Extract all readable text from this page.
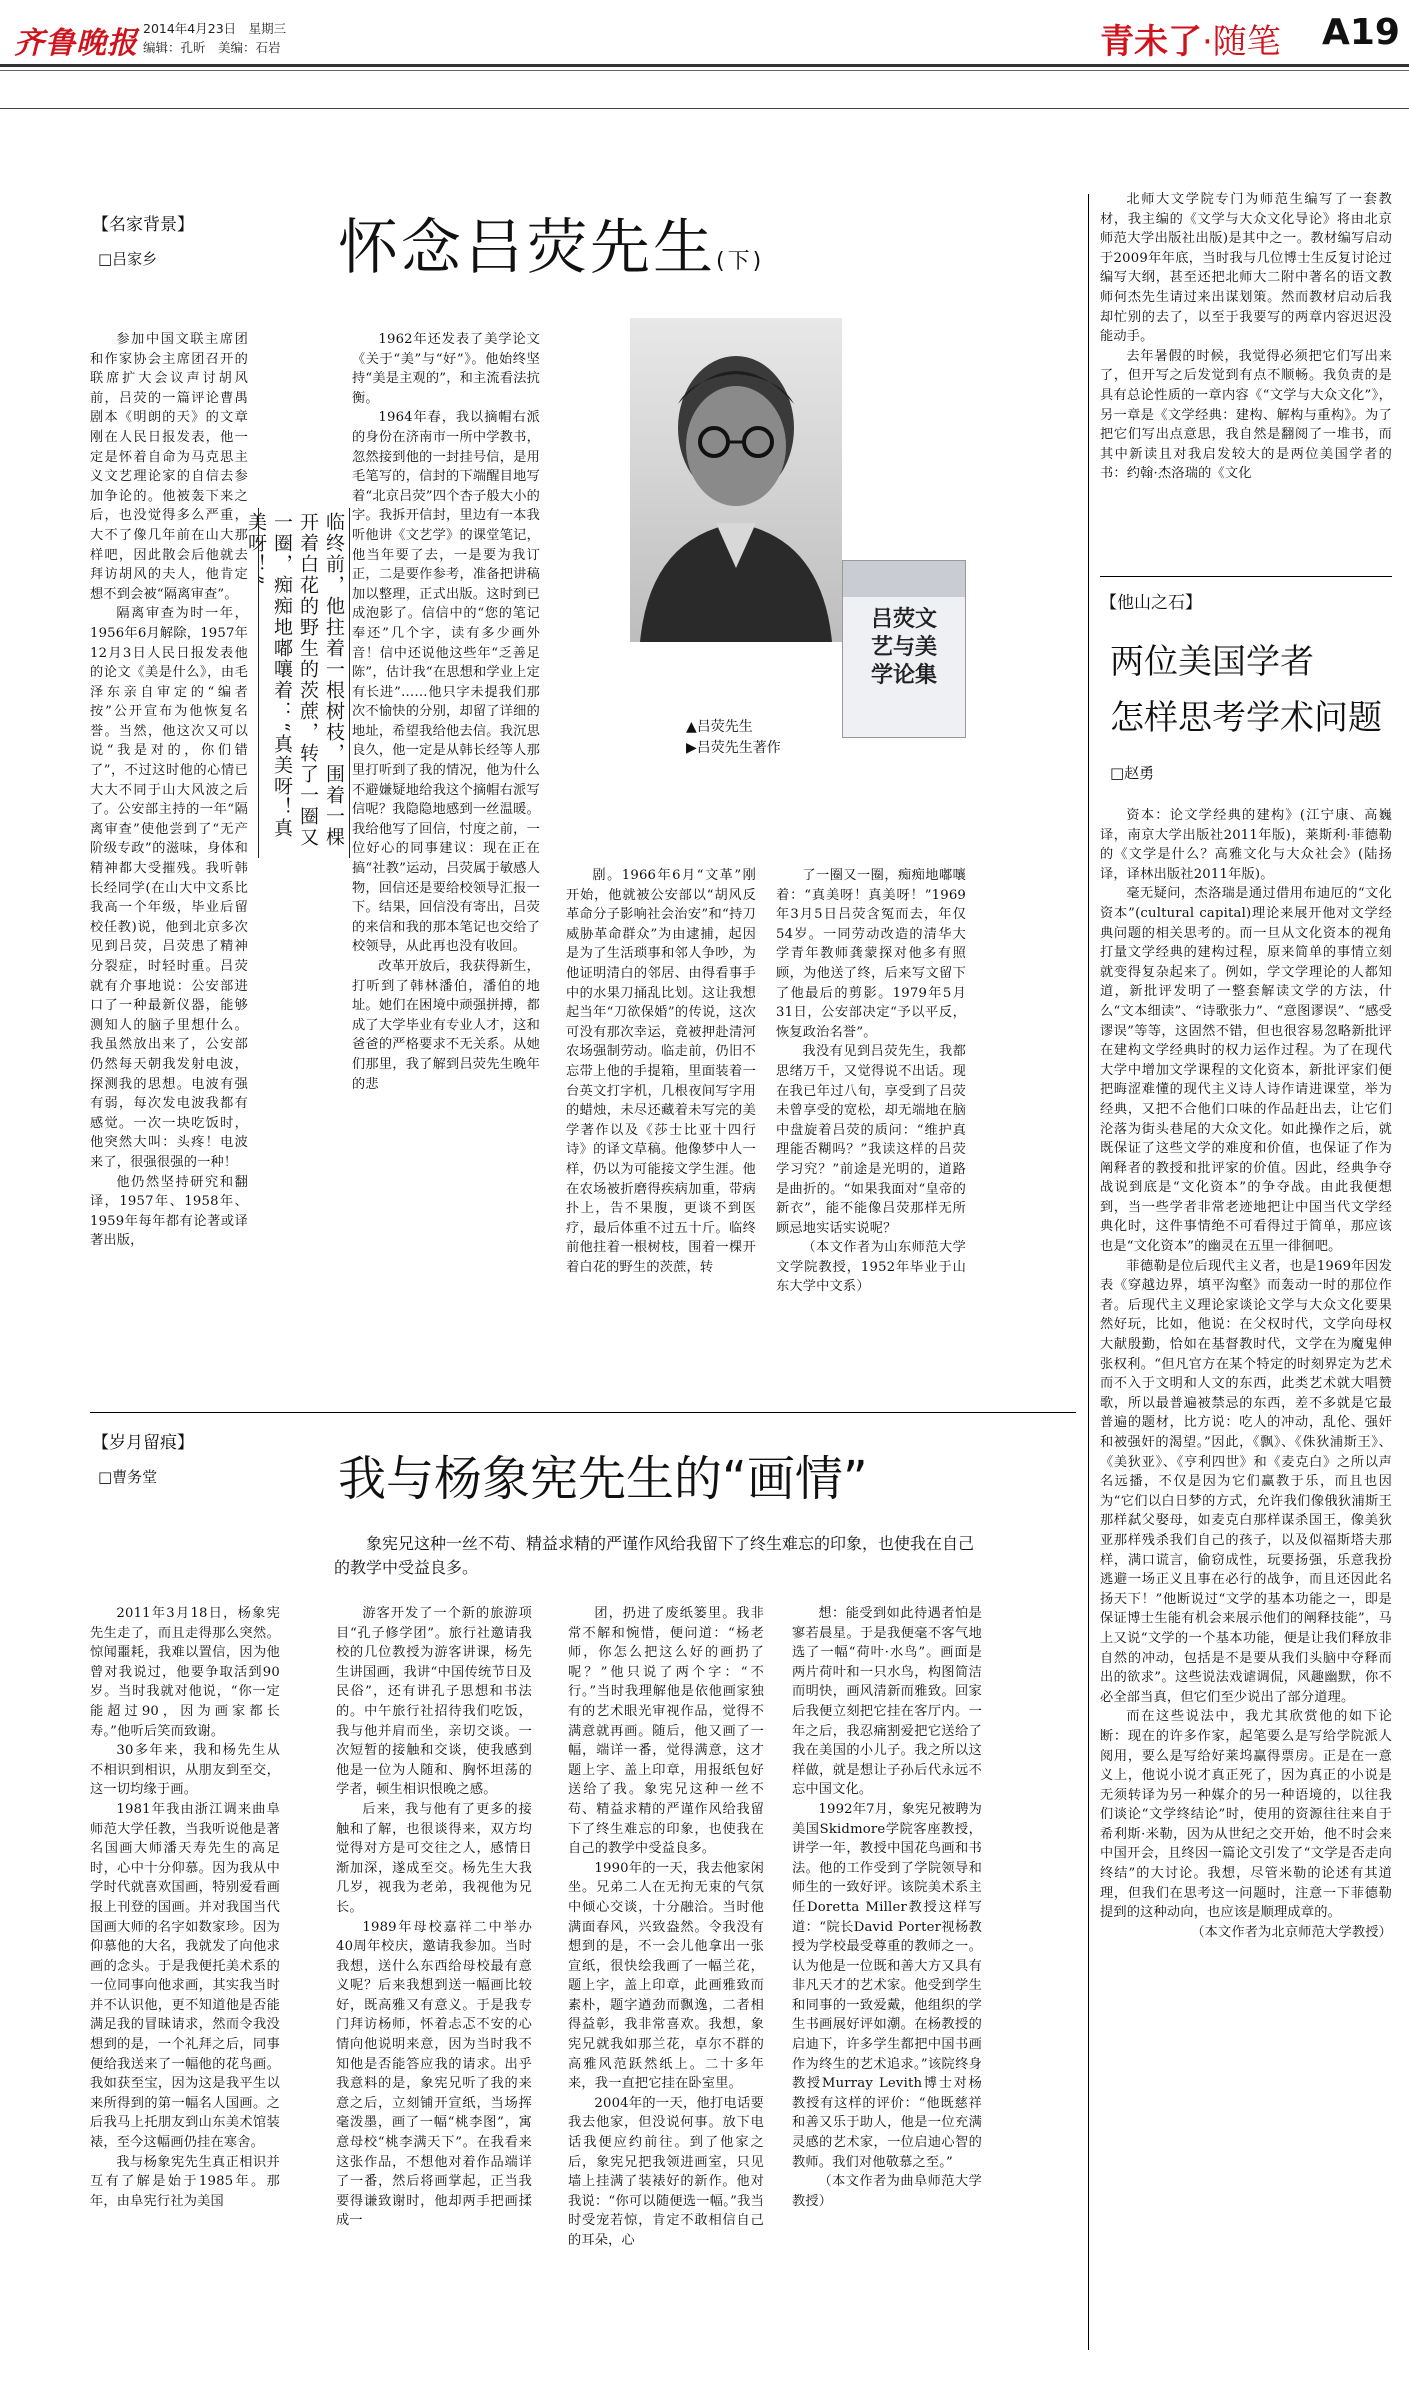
齐鲁晚报 2014年4月23日　星期三
编辑：孔昕　美编：石岩	青未了·随笔 A19
【名家背景】
□吕家乡	怀念吕荧先生(下)
吕荧文艺与美学论集
▲吕荧先生
▶吕荧先生著作
临终前，他拄着一根树枝，围着一棵开着白花的野生的茨蔗，转了一圈又一圈，痴痴地嘟嚷着：“真美呀！真美呀！”

参加中国文联主席团和作家协会主席团召开的联席扩大会议声讨胡风前，吕荧的一篇评论曹禺剧本《明朗的天》的文章刚在人民日报发表，他一定是怀着自命为马克思主义文艺理论家的自信去参加争论的。他被轰下来之后，也没觉得多么严重，大不了像几年前在山大那样吧，因此散会后他就去拜访胡风的夫人，他肯定想不到会被“隔离审查”。

隔离审查为时一年，1956年6月解除，1957年12月3日人民日报发表他的论文《美是什么》，由毛泽东亲自审定的“编者按”公开宣布为他恢复名誉。当然，他这次又可以说“我是对的，你们错了”，不过这时他的心情已大大不同于山大风波之后了。公安部主持的一年“隔离审查”使他尝到了“无产阶级专政”的滋味，身体和精神都大受摧残。我听韩长经同学(在山大中文系比我高一个年级，毕业后留校任教)说，他到北京多次见到吕荧，吕荧患了精神分裂症，时轻时重。吕荧就有介事地说：公安部进口了一种最新仪器，能够测知人的脑子里想什么。我虽然放出来了，公安部仍然每天朝我发射电波，探测我的思想。电波有强有弱，每次发电波我都有感觉。一次一块吃饭时，他突然大叫：头疼！电波来了，很强很强的一种！

他仍然坚持研究和翻译，1957年、1958年、1959年每年都有论著或译著出版，

1962年还发表了美学论文《关于“美”与“好”》。他始终坚持“美是主观的”，和主流看法抗衡。

1964年春，我以摘帽右派的身份在济南市一所中学教书，忽然接到他的一封挂号信，是用毛笔写的，信封的下端醒目地写着“北京吕荧”四个杏子般大小的字。我拆开信封，里边有一本我听他讲《文艺学》的课堂笔记，他当年要了去，一是要为我订正，二是要作参考，准备把讲稿加以整理，正式出版。这时到已成泡影了。信信中的“您的笔记奉还”几个字，读有多少画外音！信中还说他这些年“乏善足陈”，估计我“在思想和学业上定有长进”……他只字未提我们那次不愉快的分别，却留了详细的地址，希望我给他去信。我沉思良久，他一定是从韩长经等人那里打听到了我的情况，他为什么不避嫌疑地给我这个摘帽右派写信呢？我隐隐地感到一丝温暖。我给他写了回信，忖度之前，一位好心的同事建议：现在正在搞“社教”运动，吕荧属于敏感人物，回信还是要给校领导汇报一下。结果，回信没有寄出，吕荧的来信和我的那本笔记也交给了校领导，从此再也没有收回。

改革开放后，我获得新生，打听到了韩林潘伯，潘伯的地址。她们在困境中顽强拼搏，都成了大学毕业有专业人才，这和爸爸的严格要求不无关系。从她们那里，我了解到吕荧先生晚年的悲

剧。1966年6月“文革”刚开始，他就被公安部以“胡风反革命分子影响社会治安”和“持刀威胁革命群众”为由逮捕，起因是为了生活琐事和邻人争吵，为他证明清白的邻居、由得看事手中的水果刀捅乱比划。这让我想起当年“刀欲保婚”的传说，这次可没有那次幸运，竟被押赴清河农场强制劳动。临走前，仍旧不忘带上他的手提箱，里面装着一台英文打字机，几根夜间写字用的蜡烛，未尽还藏着未写完的美学著作以及《莎士比亚十四行诗》的译文草稿。他像梦中人一样，仍以为可能接文学生涯。他在农场被折磨得疾病加重，带病扑上，告不果腹，更谈不到医疗，最后体重不过五十斤。临终前他拄着一根树枝，围着一棵开着白花的野生的茨蔗，转

了一圈又一圈，痴痴地嘟嚷着：“真美呀！真美呀！”1969年3月5日吕荧含冤而去，年仅54岁。一同劳动改造的清华大学青年教师龚蒙探对他多有照顾，为他送了终，后来写文留下了他最后的剪影。1979年5月31日，公安部决定“予以平反，恢复政治名誉”。

我没有见到吕荧先生，我都思绪万千，又觉得说不出话。现在我已年过八旬，享受到了吕荧未曾享受的宽松，却无端地在脑中盘旋着吕荧的质问：“维护真理能否糊吗？”我读这样的吕荧学习究？”前途是光明的，道路是曲折的。“如果我面对“皇帝的新衣”，能不能像吕荧那样无所顾忌地实话实说呢？

（本文作者为山东师范大学文学院教授，1952年毕业于山东大学中文系）

北师大文学院专门为师范生编写了一套教材，我主编的《文学与大众文化导论》将由北京师范大学出版社出版)是其中之一。教材编写启动于2009年年底，当时我与几位博士生反复讨论过编写大纲，甚至还把北师大二附中著名的语文教师何杰先生请过来出谋划策。然而教材启动后我却忙别的去了，以至于我要写的两章内容迟迟没能动手。

去年暑假的时候，我觉得必须把它们写出来了，但开写之后发觉到有点不顺畅。我负责的是具有总论性质的一章内容《“文学与大众文化”》，另一章是《文学经典：建构、解构与重构》。为了把它们写出点意思，我自然是翻阅了一堆书，而其中新读且对我启发较大的是两位美国学者的书：约翰·杰洛瑞的《文化

【他山之石】
两位美国学者
怎样思考学术问题
□赵勇

资本：论文学经典的建构》(江宁康、高巍译，南京大学出版社2011年版)，莱斯利·菲德勒的《文学是什么？高雅文化与大众社会》(陆扬译，译林出版社2011年版)。

毫无疑问，杰洛瑞是通过借用布迪厄的“文化资本”(cultural capital)理论来展开他对文学经典问题的相关思考的。而一旦从文化资本的视角打量文学经典的建构过程，原来简单的事情立刻就变得复杂起来了。例如，学文学理论的人都知道，新批评发明了一整套解读文学的方法，什么“文本细读”、“诗歌张力”、“意图谬误”、“感受谬误”等等，这固然不错，但也很容易忽略新批评在建构文学经典时的权力运作过程。为了在现代大学中增加文学课程的文化资本，新批评家们便把晦涩难懂的现代主义诗人诗作请进课堂，举为经典，又把不合他们口味的作品赶出去，让它们沦落为街头巷尾的大众文化。如此操作之后，就既保证了这些文学的难度和价值，也保证了作为阐释者的教授和批评家的价值。因此，经典争夺战说到底是“文化资本”的争夺战。由此我便想到，当一些学者非常老迹地把让中国当代文学经典化时，这件事情绝不可看得过于简单，那应该也是“文化资本”的幽灵在五里一徘徊吧。

菲德勒是位后现代主义者，也是1969年因发表《穿越边界，填平沟壑》而轰动一时的那位作者。后现代主义理论家谈论文学与大众文化要果然好玩，比如，他说：在父权时代，文学向母权大献殷勤，恰如在基督教时代，文学在为魔鬼伸张权利。“但凡官方在某个特定的时刻界定为艺术而不入于文明和人文的东西，此类艺术就大唱赞歌，所以最普遍被禁忌的东西，差不多就是它最普遍的题材，比方说：吃人的冲动，乱伦、强奸和被强奸的渴望。”因此，《飘》、《侏狄浦斯王》、《美狄亚》、《亨利四世》和《麦克白》之所以声名远播，不仅是因为它们赢教于乐，而且也因为“它们以白日梦的方式，允许我们像俄狄浦斯王那样弑父娶母，如麦克白那样谋杀国王，像美狄亚那样残杀我们自己的孩子，以及似福斯塔夫那样，满口谎言，偷窃成性，玩要扬强，乐意我扮逃避一场正义且事在必行的战争，而且还因此名扬天下！”他断说过“文学的基本功能之一，即是保证博士生能有机会来展示他们的阐释技能”，马上又说“文学的一个基本功能，便是让我们释放非自然的冲动，包括是不是要从我们头脑中夺释而出的欲求”。这些说法戏谑调侃，风趣幽默，你不必全部当真，但它们至少说出了部分道理。

而在这些说法中，我尤其欣赏他的如下论断：现在的许多作家，起笔要么是写给学院派人阅用，要么是写给好莱坞赢得票房。正是在一意义上，他说小说才真正死了，因为真正的小说是无须转译为另一种媒介的另一种语境的，以往我们谈论“文学终结论”时，使用的资源往往来自于希利斯·米勒，因为从世纪之交开始，他不时会来中国开会，且终因一篇论文引发了“文学是否走向终结”的大讨论。我想，尽管米勒的论述有其道理，但我们在思考这一问题时，注意一下菲德勒提到的这种动向，也应该是顺理成章的。

（本文作者为北京师范大学教授）

【岁月留痕】
□曹务堂	我与杨象宪先生的“画情”
象宪兄这种一丝不苟、精益求精的严谨作风给我留下了终生难忘的印象，也使我在自己的教学中受益良多。

2011年3月18日，杨象宪先生走了，而且走得那么突然。惊闻噩耗，我难以置信，因为他曾对我说过，他要争取活到90岁。当时我就对他说，“你一定能超过90，因为画家都长寿。”他听后笑而致谢。

30多年来，我和杨先生从不相识到相识，从朋友到至交，这一切均缘于画。

1981年我由浙江调来曲阜师范大学任教，当我听说他是著名国画大师潘天寿先生的高足时，心中十分仰慕。因为我从中学时代就喜欢国画，特别爱看画报上刊登的国画。并对我国当代国画大师的名字如数家珍。因为仰慕他的大名，我就发了向他求画的念头。于是我便托美术系的一位同事向他求画，其实我当时并不认识他，更不知道他是否能满足我的冒昧请求，然而令我没想到的是，一个礼拜之后，同事便给我送来了一幅他的花鸟画。我如获至宝，因为这是我平生以来所得到的第一幅名人国画。之后我马上托朋友到山东美术馆装裱，至今这幅画仍挂在寒舍。

我与杨象宪先生真正相识并互有了解是始于1985年。那年，由阜宪行社为美国

游客开发了一个新的旅游项目“孔子修学团”。旅行社邀请我校的几位教授为游客讲课，杨先生讲国画，我讲“中国传统节日及民俗”，还有讲孔子思想和书法的。中午旅行社招待我们吃饭，我与他并肩而坐，亲切交谈。一次短暂的接触和交谈，使我感到他是一位为人随和、胸怀坦荡的学者，顿生相识恨晚之感。

后来，我与他有了更多的接触和了解，也很谈得来，双方均觉得对方是可交往之人，感情日渐加深，遂成至交。杨先生大我几岁，视我为老弟，我视他为兄长。

1989年母校嘉祥二中举办40周年校庆，邀请我参加。当时我想，送什么东西给母校最有意义呢？后来我想到送一幅画比较好，既高雅又有意义。于是我专门拜访杨师，怀着忐忑不安的心情向他说明来意，因为当时我不知他是否能答应我的请求。出乎我意料的是，象宪兄听了我的来意之后，立刻铺开宣纸，当场挥毫泼墨，画了一幅“桃李图”，寓意母校“桃李满天下”。在我看来这张作品，不想他对着作品端详了一番，然后将画掌起，正当我要得谦致谢时，他却两手把画揉成一

团，扔进了废纸篓里。我非常不解和惋惜，便问道：“杨老师，你怎么把这么好的画扔了呢？”他只说了两个字：“不行。”当时我理解他是依他画家独有的艺术眼光审视作品，觉得不满意就再画。随后，他又画了一幅，端详一番，觉得满意，这才题上字、盖上印章，用报纸包好送给了我。象宪兄这种一丝不苟、精益求精的严谨作风给我留下了终生难忘的印象，也使我在自己的教学中受益良多。

1990年的一天，我去他家闲坐。兄弟二人在无拘无束的气氛中倾心交谈，十分融洽。当时他满面春风，兴致盎然。令我没有想到的是，不一会儿他拿出一张宣纸，很快绘我画了一幅兰花，题上字，盖上印章，此画雅致而素朴，题字遒劲而飘逸，二者相得益彰，我非常喜欢。我想，象宪兄就我如那兰花，卓尔不群的高雅风范跃然纸上。二十多年来，我一直把它挂在卧室里。

2004年的一天，他打电话要我去他家，但没说何事。放下电话我便应约前往。到了他家之后，象宪兄把我领进画室，只见墙上挂满了装裱好的新作。他对我说：“你可以随便选一幅。”我当时受宠若惊，肯定不敢相信自己的耳朵，心

想：能受到如此待遇者怕是寥若晨星。于是我便毫不客气地选了一幅“荷叶·水鸟”。画面是两片荷叶和一只水鸟，构图简洁而明快，画风清新而雅致。回家后我便立刻把它挂在客厅内。一年之后，我忍痛割爱把它送给了我在美国的小儿子。我之所以这样做，就是想让子孙后代永远不忘中国文化。

1992年7月，象宪兄被聘为美国Skidmore学院客座教授，讲学一年，教授中国花鸟画和书法。他的工作受到了学院领导和师生的一致好评。该院美术系主任Doretta Miller教授这样写道：“院长David Porter视杨教授为学校最受尊重的教师之一。认为他是一位既和善大方又具有非凡天才的艺术家。他受到学生和同事的一致爱戴，他组织的学生书画展好评如潮。在杨教授的启迪下，许多学生都把中国书画作为终生的艺术追求。”该院终身教授Murray Levith博士对杨教授有这样的评价：“他既慈祥和善又乐于助人，他是一位充满灵感的艺术家，一位启迪心智的教师。我们对他敬慕之至。”

（本文作者为曲阜师范大学教授）
